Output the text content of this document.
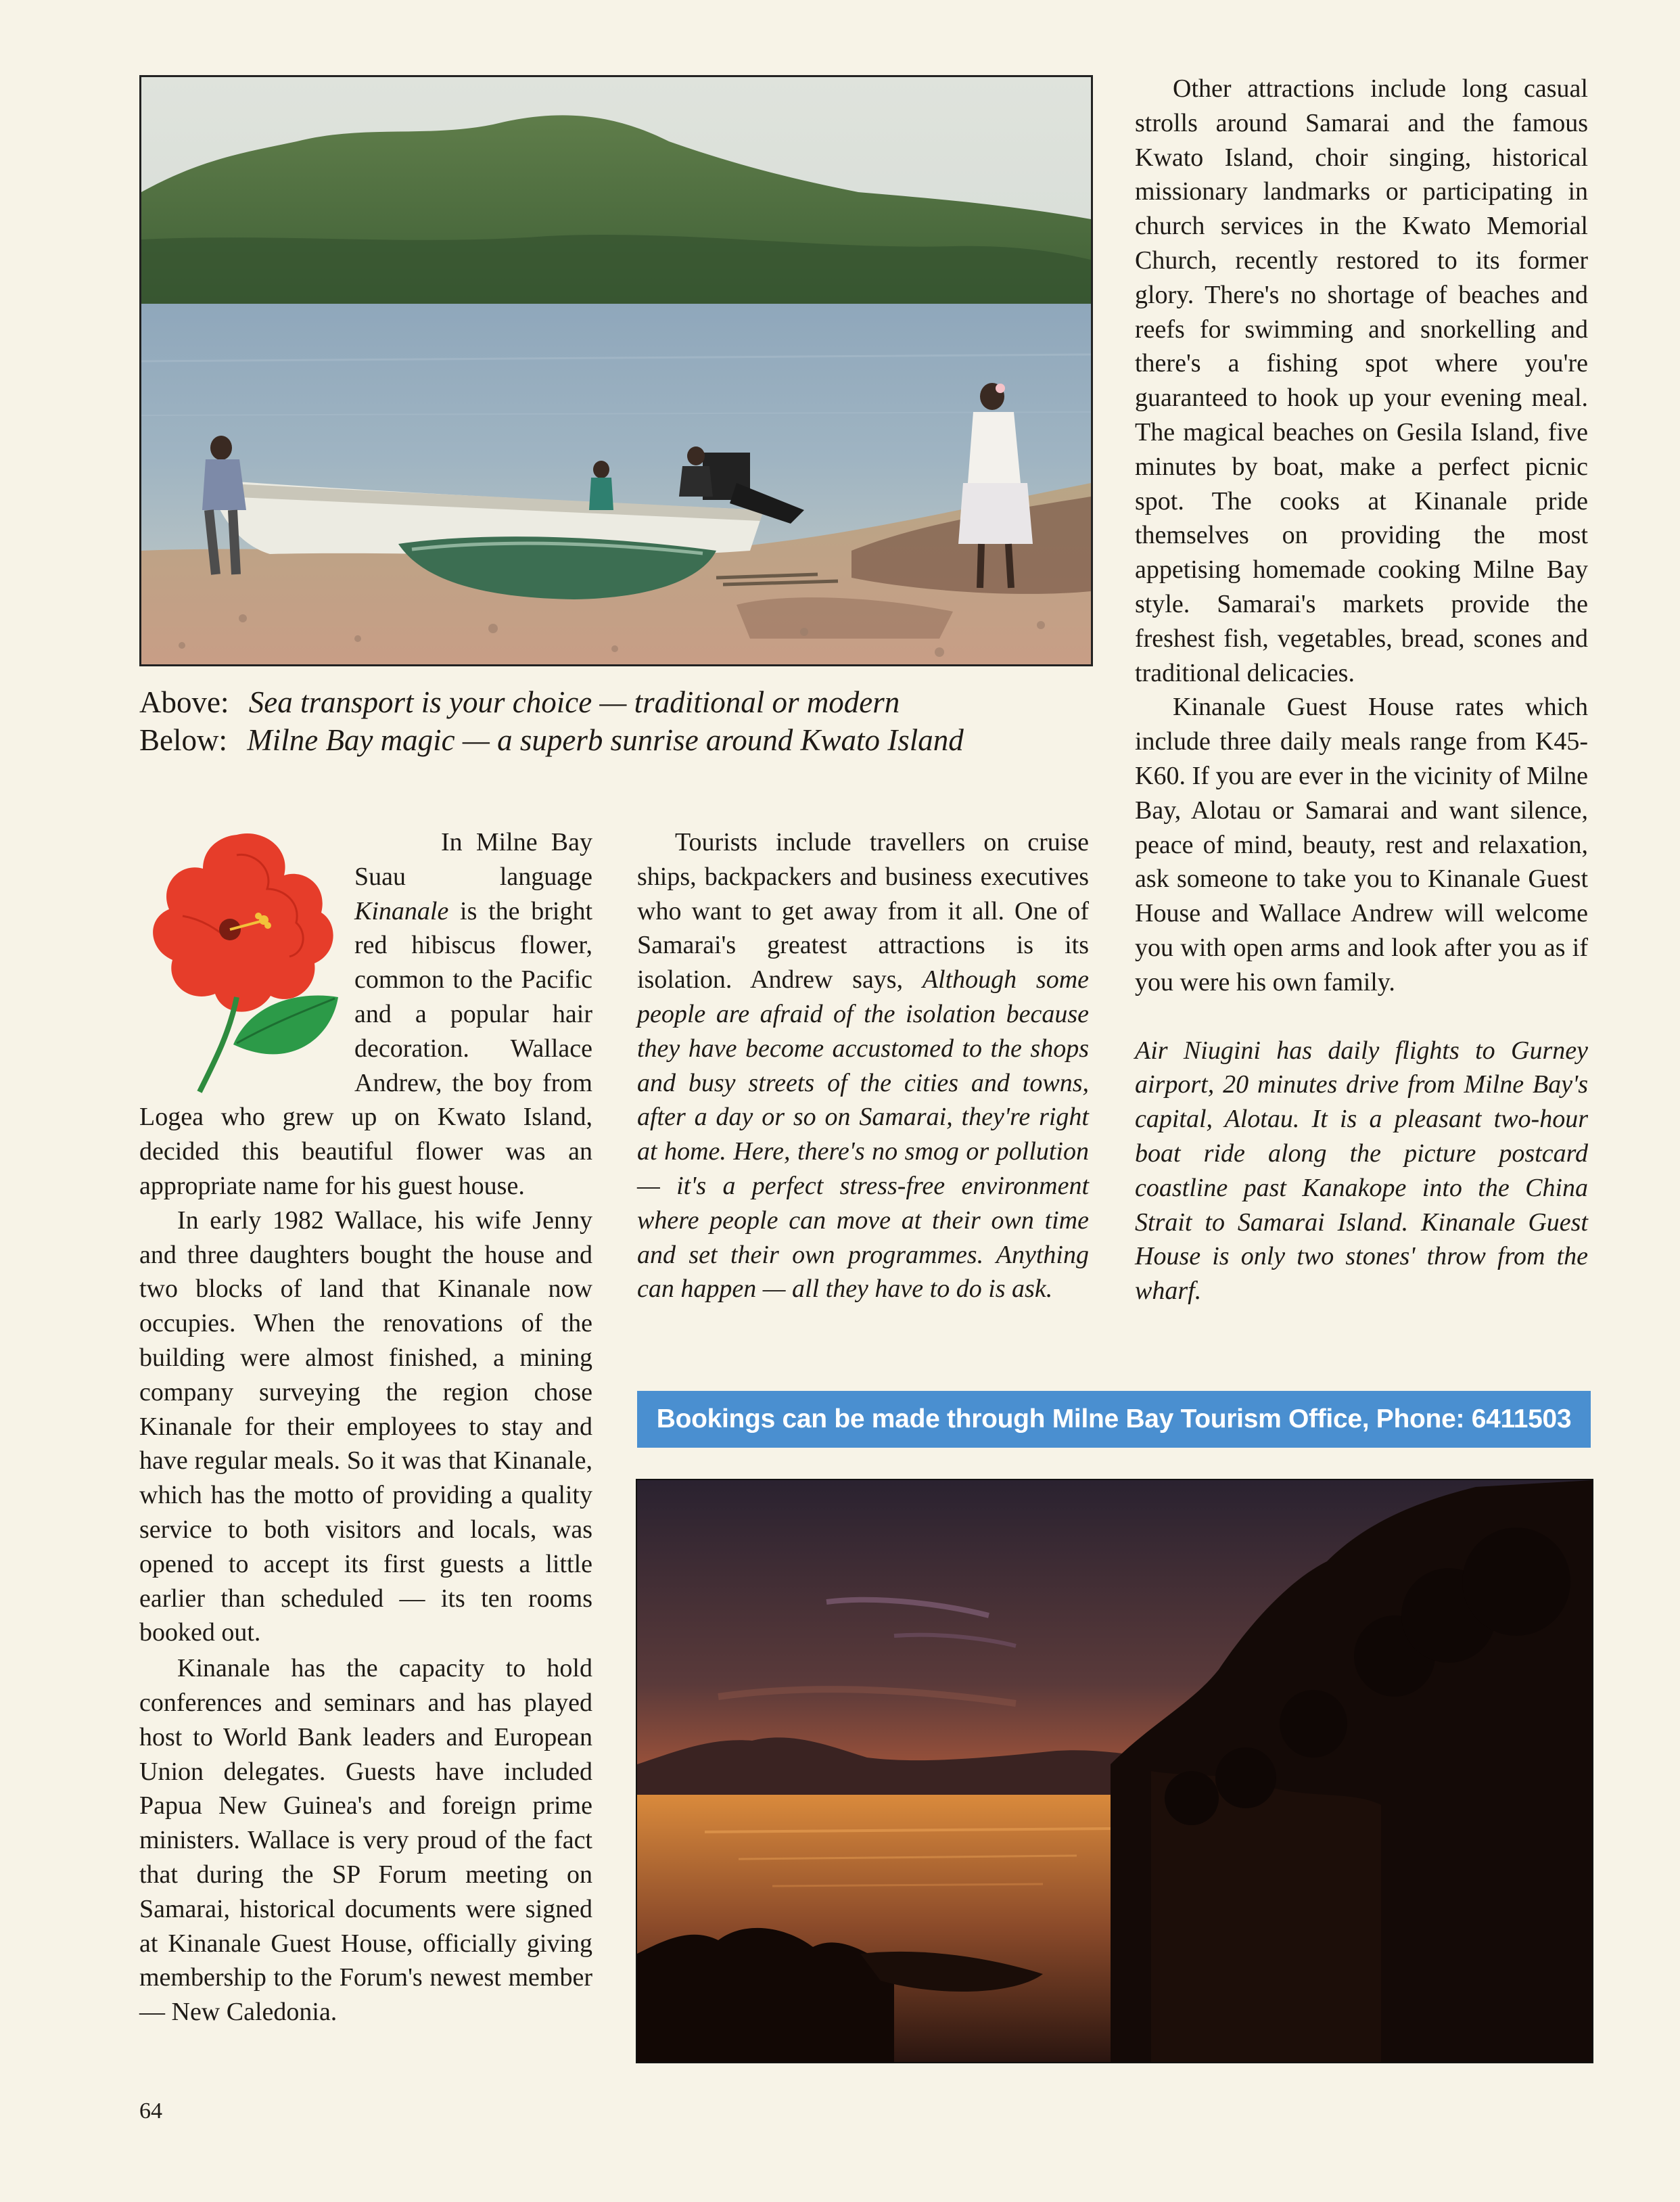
Above: Sea transport is your choice — traditional or modern
Below: Milne Bay magic — a superb sunrise around Kwato Island

In Milne Bay Suau language Kinanale is the bright red hibiscus flower, common to the Pacific and a popular hair decoration. Wallace Andrew, the boy from Logea who grew up on Kwato Island, decided this beautiful flower was an appropriate name for his guest house.

In early 1982 Wallace, his wife Jenny and three daughters bought the house and two blocks of land that Kinanale now occupies. When the renovations of the building were almost finished, a mining company surveying the region chose Kinanale for their employees to stay and have regular meals. So it was that Kinanale, which has the motto of providing a quality service to both visitors and locals, was opened to accept its first guests a little earlier than scheduled — its ten rooms booked out.

Kinanale has the capacity to hold conferences and seminars and has played host to World Bank leaders and European Union delegates. Guests have included Papua New Guinea's and foreign prime ministers. Wallace is very proud of the fact that during the SP Forum meeting on Samarai, historical documents were signed at Kinanale Guest House, officially giving membership to the Forum's newest member — New Caledonia.

Tourists include travellers on cruise ships, backpackers and business executives who want to get away from it all. One of Samarai's greatest attractions is its isolation. Andrew says, Although some people are afraid of the isolation because they have become accustomed to the shops and busy streets of the cities and towns, after a day or so on Samarai, they're right at home. Here, there's no smog or pollution — it's a perfect stress-free environment where people can move at their own time and set their own programmes. Anything can happen — all they have to do is ask.

Other attractions include long casual strolls around Samarai and the famous Kwato Island, choir singing, historical missionary landmarks or participating in church services in the Kwato Memorial Church, recently restored to its former glory. There's no shortage of beaches and reefs for swimming and snorkelling and there's a fishing spot where you're guaranteed to hook up your evening meal. The magical beaches on Gesila Island, five minutes by boat, make a perfect picnic spot. The cooks at Kinanale pride themselves on providing the most appetising homemade cooking Milne Bay style. Samarai's markets provide the freshest fish, vegetables, bread, scones and traditional delicacies.

Kinanale Guest House rates which include three daily meals range from K45-K60. If you are ever in the vicinity of Milne Bay, Alotau or Samarai and want silence, peace of mind, beauty, rest and relaxation, ask someone to take you to Kinanale Guest House and Wallace Andrew will welcome you with open arms and look after you as if you were his own family.

Air Niugini has daily flights to Gurney airport, 20 minutes drive from Milne Bay's capital, Alotau. It is a pleasant two-hour boat ride along the picture postcard coastline past Kanakope into the China Strait to Samarai Island. Kinanale Guest House is only two stones' throw from the wharf.

Bookings can be made through Milne Bay Tourism Office, Phone: 6411503
64
